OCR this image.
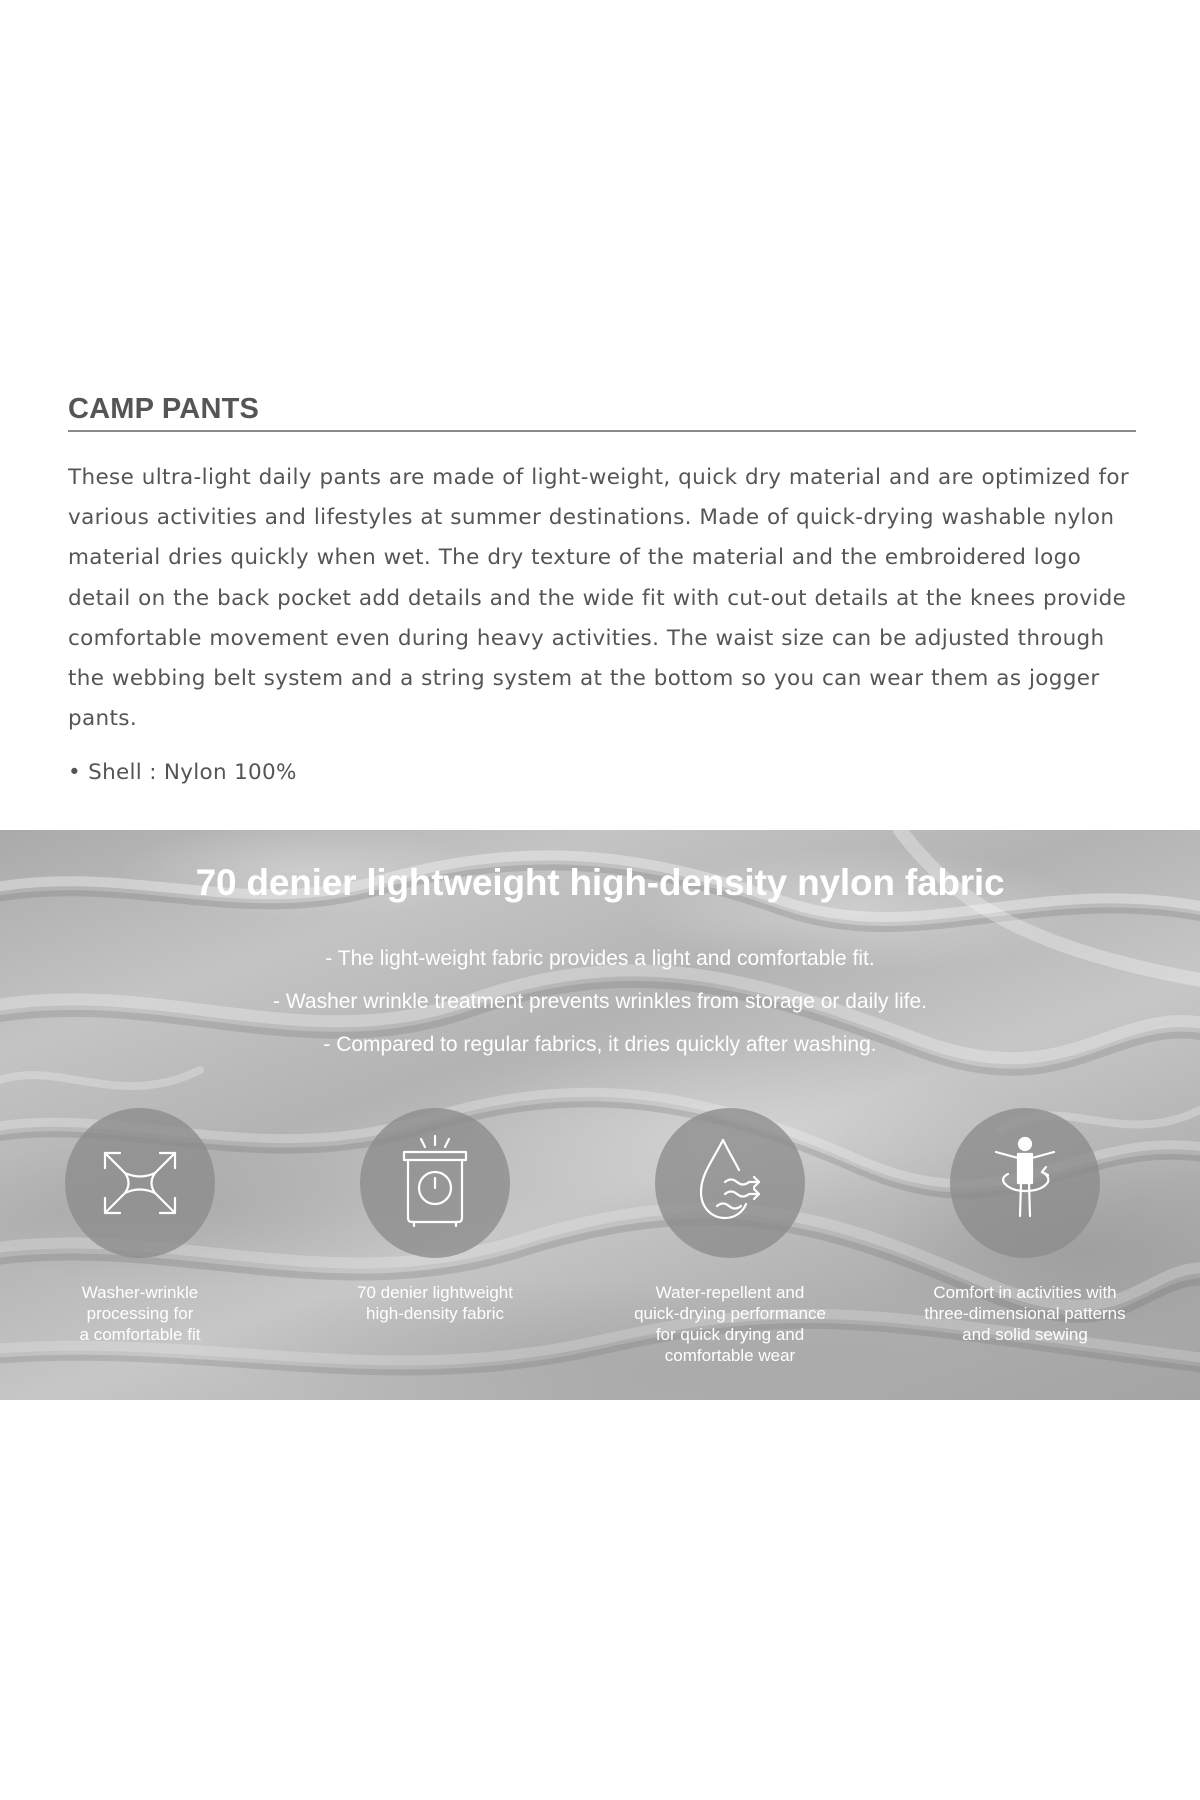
CAMP PANTS

These ultra-light daily pants are made of light-weight, quick dry material and are optimized for various activities and lifestyles at summer destinations. Made of quick-drying washable nylon material dries quickly when wet. The dry texture of the material and the embroidered logo detail on the back pocket add details and the wide fit with cut-out details at the knees provide comfortable movement even during heavy activities. The waist size can be adjusted through the webbing belt system and a string system at the bottom so you can wear them as jogger pants.

• Shell : Nylon 100%

70 denier lightweight high-density nylon fabric
- The light-weight fabric provides a light and comfortable fit.
- Washer wrinkle treatment prevents wrinkles from storage or daily life.
- Compared to regular fabrics, it dries quickly after washing.

Washer-wrinkle
processing for
a comfortable fit

70 denier lightweight
high-density fabric

Water-repellent and
quick-drying performance
for quick drying and
comfortable wear

Comfort in activities with
three-dimensional patterns
and solid sewing
